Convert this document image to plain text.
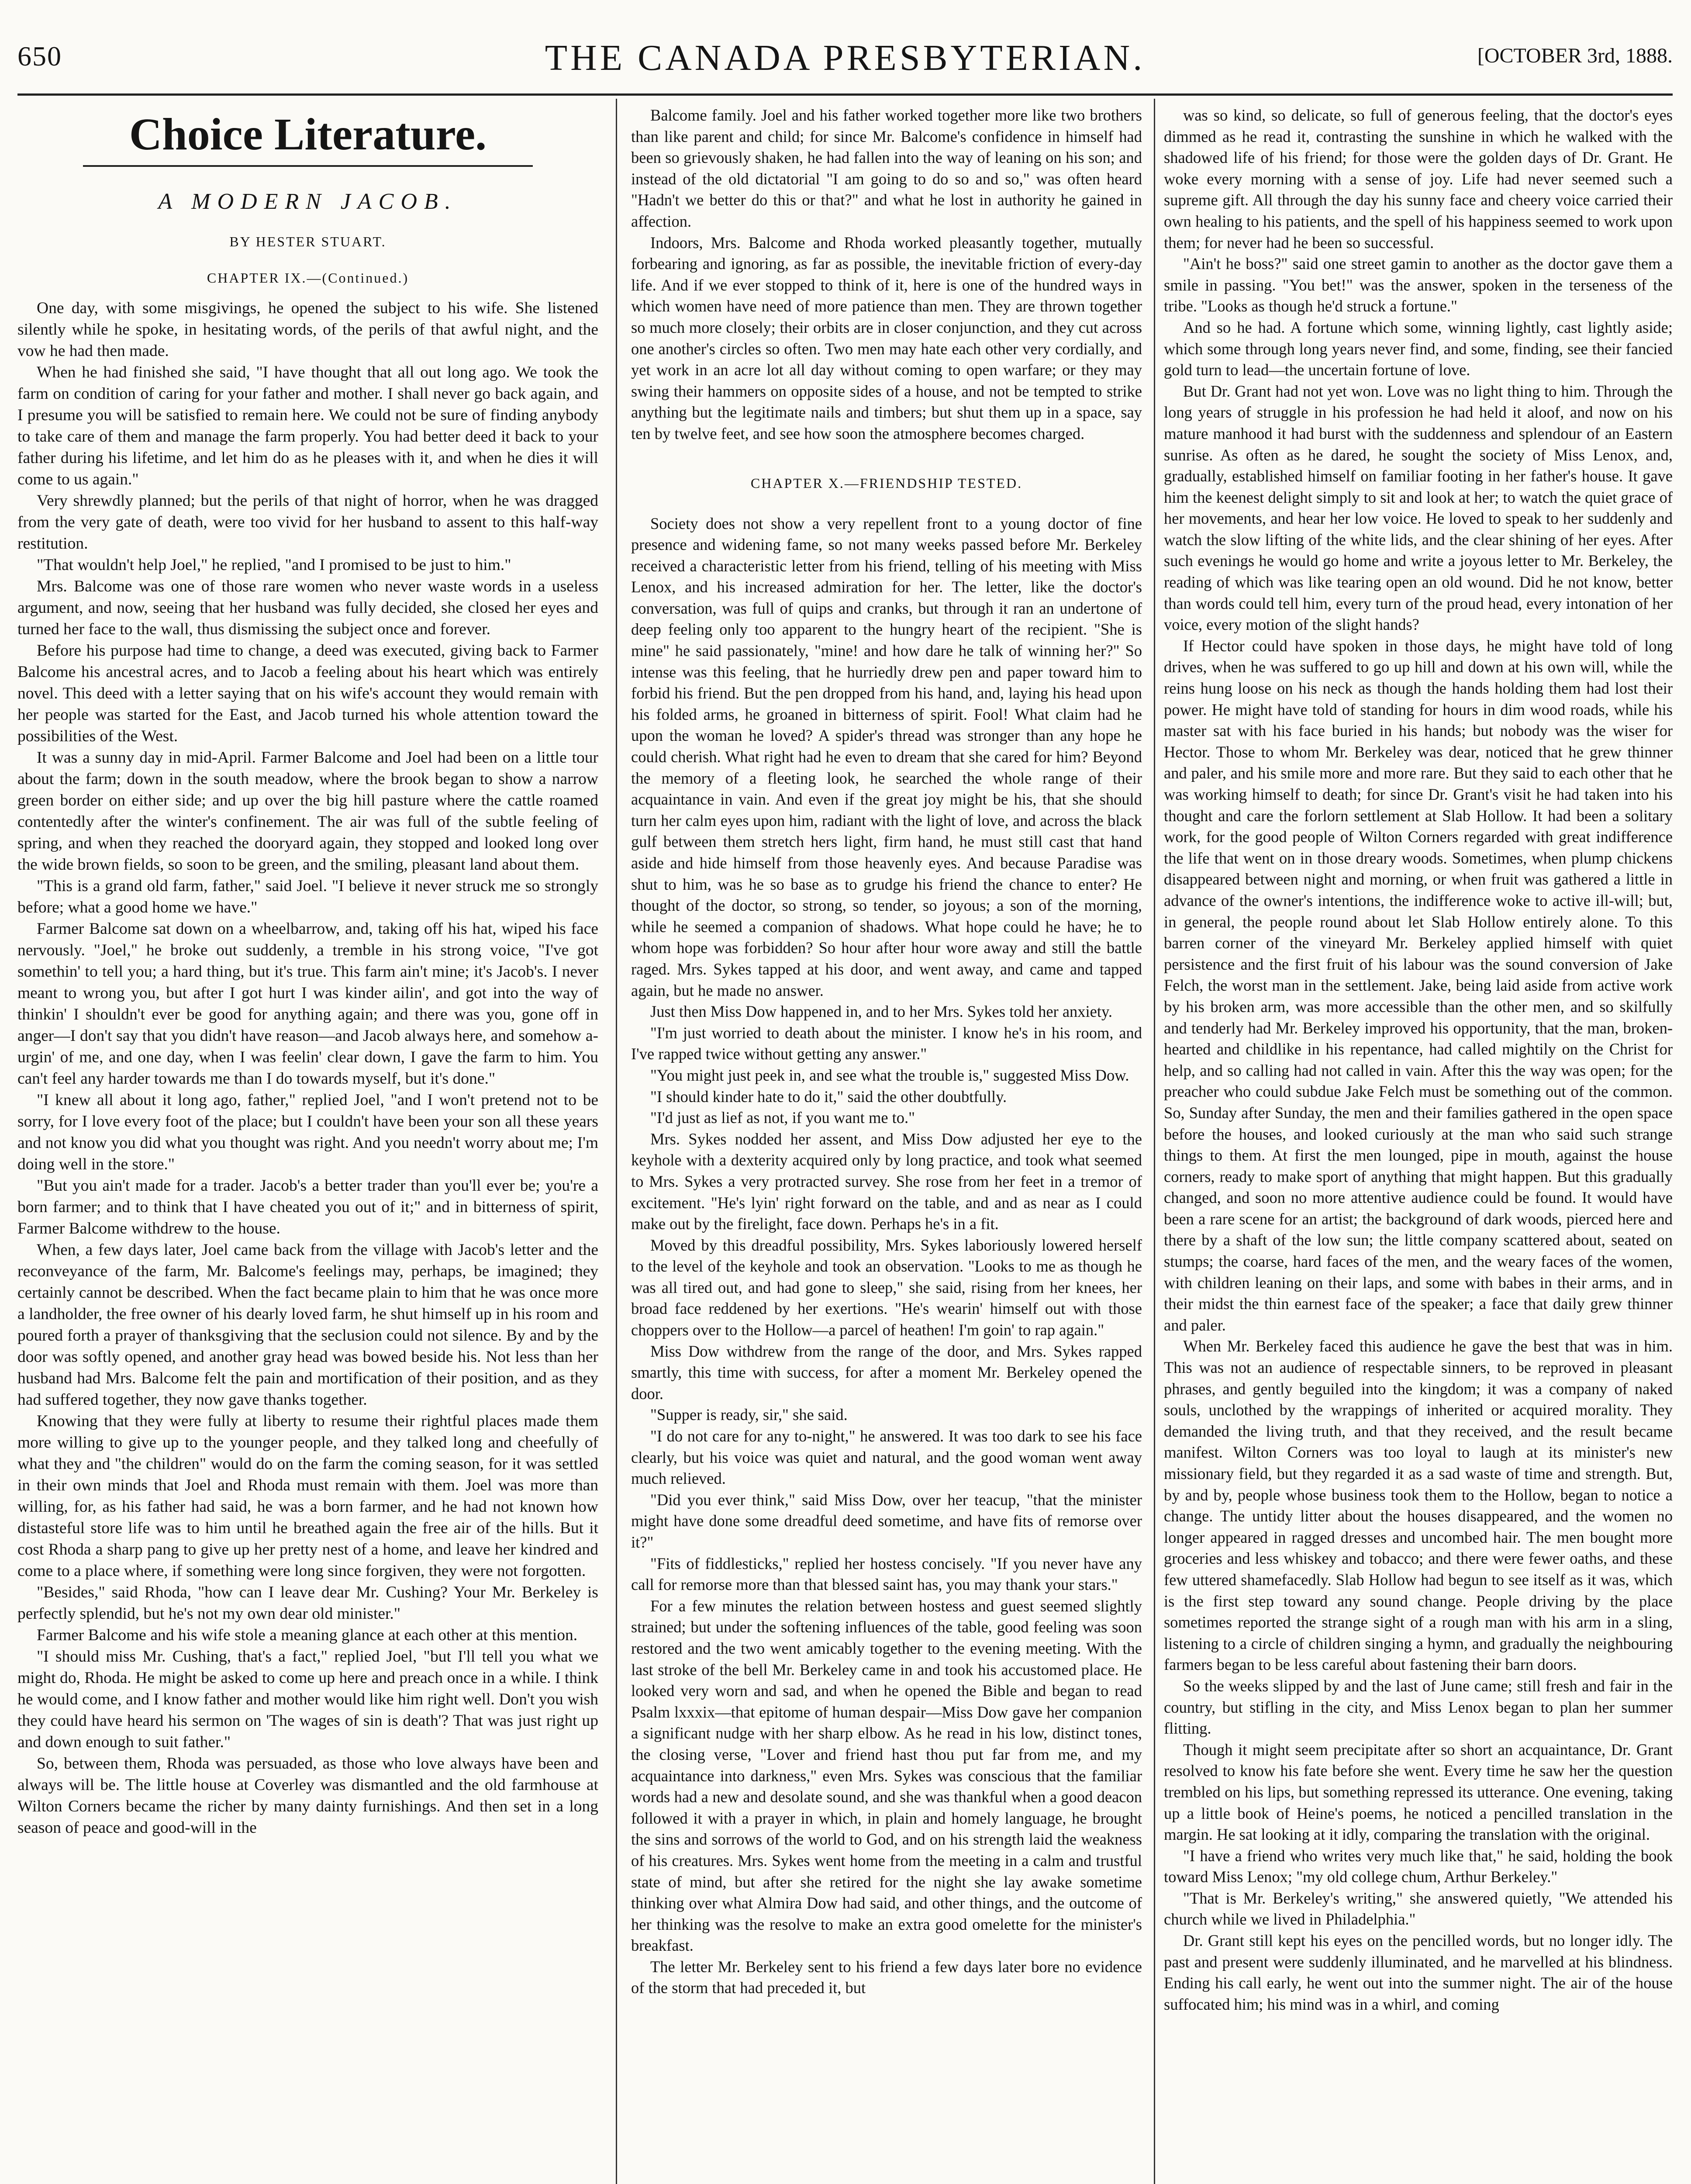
650	THE CANADA PRESBYTERIAN.	[OCTOBER 3rd, 1888.
Choice Literature.
A MODERN JACOB.
BY HESTER STUART.
CHAPTER IX.—(Continued.)

One day, with some misgivings, he opened the subject to his wife. She listened silently while he spoke, in hesitating words, of the perils of that awful night, and the vow he had then made.

When he had finished she said, "I have thought that all out long ago. We took the farm on condition of caring for your father and mother. I shall never go back again, and I presume you will be satisfied to remain here. We could not be sure of finding anybody to take care of them and manage the farm properly. You had better deed it back to your father during his lifetime, and let him do as he pleases with it, and when he dies it will come to us again."

Very shrewdly planned; but the perils of that night of horror, when he was dragged from the very gate of death, were too vivid for her husband to assent to this half-way restitution.

"That wouldn't help Joel," he replied, "and I promised to be just to him."

Mrs. Balcome was one of those rare women who never waste words in a useless argument, and now, seeing that her husband was fully decided, she closed her eyes and turned her face to the wall, thus dismissing the subject once and forever.

Before his purpose had time to change, a deed was executed, giving back to Farmer Balcome his ancestral acres, and to Jacob a feeling about his heart which was entirely novel. This deed with a letter saying that on his wife's account they would remain with her people was started for the East, and Jacob turned his whole attention toward the possibilities of the West.

It was a sunny day in mid-April. Farmer Balcome and Joel had been on a little tour about the farm; down in the south meadow, where the brook began to show a narrow green border on either side; and up over the big hill pasture where the cattle roamed contentedly after the winter's confinement. The air was full of the subtle feeling of spring, and when they reached the dooryard again, they stopped and looked long over the wide brown fields, so soon to be green, and the smiling, pleasant land about them.

"This is a grand old farm, father," said Joel. "I believe it never struck me so strongly before; what a good home we have."

Farmer Balcome sat down on a wheelbarrow, and, taking off his hat, wiped his face nervously. "Joel," he broke out suddenly, a tremble in his strong voice, "I've got somethin' to tell you; a hard thing, but it's true. This farm ain't mine; it's Jacob's. I never meant to wrong you, but after I got hurt I was kinder ailin', and got into the way of thinkin' I shouldn't ever be good for anything again; and there was you, gone off in anger—I don't say that you didn't have reason—and Jacob always here, and somehow a-urgin' of me, and one day, when I was feelin' clear down, I gave the farm to him. You can't feel any harder towards me than I do towards myself, but it's done."

"I knew all about it long ago, father," replied Joel, "and I won't pretend not to be sorry, for I love every foot of the place; but I couldn't have been your son all these years and not know you did what you thought was right. And you needn't worry about me; I'm doing well in the store."

"But you ain't made for a trader. Jacob's a better trader than you'll ever be; you're a born farmer; and to think that I have cheated you out of it;" and in bitterness of spirit, Farmer Balcome withdrew to the house.

When, a few days later, Joel came back from the village with Jacob's letter and the reconveyance of the farm, Mr. Balcome's feelings may, perhaps, be imagined; they certainly cannot be described. When the fact became plain to him that he was once more a landholder, the free owner of his dearly loved farm, he shut himself up in his room and poured forth a prayer of thanksgiving that the seclusion could not silence. By and by the door was softly opened, and another gray head was bowed beside his. Not less than her husband had Mrs. Balcome felt the pain and mortification of their position, and as they had suffered together, they now gave thanks together.

Knowing that they were fully at liberty to resume their rightful places made them more willing to give up to the younger people, and they talked long and cheefully of what they and "the children" would do on the farm the coming season, for it was settled in their own minds that Joel and Rhoda must remain with them. Joel was more than willing, for, as his father had said, he was a born farmer, and he had not known how distasteful store life was to him until he breathed again the free air of the hills. But it cost Rhoda a sharp pang to give up her pretty nest of a home, and leave her kindred and come to a place where, if something were long since forgiven, they were not forgotten.

"Besides," said Rhoda, "how can I leave dear Mr. Cushing? Your Mr. Berkeley is perfectly splendid, but he's not my own dear old minister."

Farmer Balcome and his wife stole a meaning glance at each other at this mention.

"I should miss Mr. Cushing, that's a fact," replied Joel, "but I'll tell you what we might do, Rhoda. He might be asked to come up here and preach once in a while. I think he would come, and I know father and mother would like him right well. Don't you wish they could have heard his sermon on 'The wages of sin is death'? That was just right up and down enough to suit father."

So, between them, Rhoda was persuaded, as those who love always have been and always will be. The little house at Coverley was dismantled and the old farmhouse at Wilton Corners became the richer by many dainty furnishings. And then set in a long season of peace and good-will in the

Balcome family. Joel and his father worked together more like two brothers than like parent and child; for since Mr. Balcome's confidence in himself had been so grievously shaken, he had fallen into the way of leaning on his son; and instead of the old dictatorial "I am going to do so and so," was often heard "Hadn't we better do this or that?" and what he lost in authority he gained in affection.

Indoors, Mrs. Balcome and Rhoda worked pleasantly together, mutually forbearing and ignoring, as far as possible, the inevitable friction of every-day life. And if we ever stopped to think of it, here is one of the hundred ways in which women have need of more patience than men. They are thrown together so much more closely; their orbits are in closer conjunction, and they cut across one another's circles so often. Two men may hate each other very cordially, and yet work in an acre lot all day without coming to open warfare; or they may swing their hammers on opposite sides of a house, and not be tempted to strike anything but the legitimate nails and timbers; but shut them up in a space, say ten by twelve feet, and see how soon the atmosphere becomes charged.

CHAPTER X.—FRIENDSHIP TESTED.

Society does not show a very repellent front to a young doctor of fine presence and widening fame, so not many weeks passed before Mr. Berkeley received a characteristic letter from his friend, telling of his meeting with Miss Lenox, and his increased admiration for her. The letter, like the doctor's conversation, was full of quips and cranks, but through it ran an undertone of deep feeling only too apparent to the hungry heart of the recipient. "She is mine" he said passionately, "mine! and how dare he talk of winning her?" So intense was this feeling, that he hurriedly drew pen and paper toward him to forbid his friend. But the pen dropped from his hand, and, laying his head upon his folded arms, he groaned in bitterness of spirit. Fool! What claim had he upon the woman he loved? A spider's thread was stronger than any hope he could cherish. What right had he even to dream that she cared for him? Beyond the memory of a fleeting look, he searched the whole range of their acquaintance in vain. And even if the great joy might be his, that she should turn her calm eyes upon him, radiant with the light of love, and across the black gulf between them stretch hers light, firm hand, he must still cast that hand aside and hide himself from those heavenly eyes. And because Paradise was shut to him, was he so base as to grudge his friend the chance to enter? He thought of the doctor, so strong, so tender, so joyous; a son of the morning, while he seemed a companion of shadows. What hope could he have; he to whom hope was forbidden? So hour after hour wore away and still the battle raged. Mrs. Sykes tapped at his door, and went away, and came and tapped again, but he made no answer.

Just then Miss Dow happened in, and to her Mrs. Sykes told her anxiety.

"I'm just worried to death about the minister. I know he's in his room, and I've rapped twice without getting any answer."

"You might just peek in, and see what the trouble is," suggested Miss Dow.

"I should kinder hate to do it," said the other doubtfully.

"I'd just as lief as not, if you want me to."

Mrs. Sykes nodded her assent, and Miss Dow adjusted her eye to the keyhole with a dexterity acquired only by long practice, and took what seemed to Mrs. Sykes a very protracted survey. She rose from her feet in a tremor of excitement. "He's lyin' right forward on the table, and and as near as I could make out by the firelight, face down. Perhaps he's in a fit.

Moved by this dreadful possibility, Mrs. Sykes laboriously lowered herself to the level of the keyhole and took an observation. "Looks to me as though he was all tired out, and had gone to sleep," she said, rising from her knees, her broad face reddened by her exertions. "He's wearin' himself out with those choppers over to the Hollow—a parcel of heathen! I'm goin' to rap again."

Miss Dow withdrew from the range of the door, and Mrs. Sykes rapped smartly, this time with success, for after a moment Mr. Berkeley opened the door.

"Supper is ready, sir," she said.

"I do not care for any to-night," he answered. It was too dark to see his face clearly, but his voice was quiet and natural, and the good woman went away much relieved.

"Did you ever think," said Miss Dow, over her teacup, "that the minister might have done some dreadful deed sometime, and have fits of remorse over it?"

"Fits of fiddlesticks," replied her hostess concisely. "If you never have any call for remorse more than that blessed saint has, you may thank your stars."

For a few minutes the relation between hostess and guest seemed slightly strained; but under the softening influences of the table, good feeling was soon restored and the two went amicably together to the evening meeting. With the last stroke of the bell Mr. Berkeley came in and took his accustomed place. He looked very worn and sad, and when he opened the Bible and began to read Psalm lxxxix—that epitome of human despair—Miss Dow gave her companion a significant nudge with her sharp elbow. As he read in his low, distinct tones, the closing verse, "Lover and friend hast thou put far from me, and my acquaintance into darkness," even Mrs. Sykes was conscious that the familiar words had a new and desolate sound, and she was thankful when a good deacon followed it with a prayer in which, in plain and homely language, he brought the sins and sorrows of the world to God, and on his strength laid the weakness of his creatures. Mrs. Sykes went home from the meeting in a calm and trustful state of mind, but after she retired for the night she lay awake sometime thinking over what Almira Dow had said, and other things, and the outcome of her thinking was the resolve to make an extra good omelette for the minister's breakfast.

The letter Mr. Berkeley sent to his friend a few days later bore no evidence of the storm that had preceded it, but

was so kind, so delicate, so full of generous feeling, that the doctor's eyes dimmed as he read it, contrasting the sunshine in which he walked with the shadowed life of his friend; for those were the golden days of Dr. Grant. He woke every morning with a sense of joy. Life had never seemed such a supreme gift. All through the day his sunny face and cheery voice carried their own healing to his patients, and the spell of his happiness seemed to work upon them; for never had he been so successful.

"Ain't he boss?" said one street gamin to another as the doctor gave them a smile in passing. "You bet!" was the answer, spoken in the terseness of the tribe. "Looks as though he'd struck a fortune."

And so he had. A fortune which some, winning lightly, cast lightly aside; which some through long years never find, and some, finding, see their fancied gold turn to lead—the uncertain fortune of love.

But Dr. Grant had not yet won. Love was no light thing to him. Through the long years of struggle in his profession he had held it aloof, and now on his mature manhood it had burst with the suddenness and splendour of an Eastern sunrise. As often as he dared, he sought the society of Miss Lenox, and, gradually, established himself on familiar footing in her father's house. It gave him the keenest delight simply to sit and look at her; to watch the quiet grace of her movements, and hear her low voice. He loved to speak to her suddenly and watch the slow lifting of the white lids, and the clear shining of her eyes. After such evenings he would go home and write a joyous letter to Mr. Berkeley, the reading of which was like tearing open an old wound. Did he not know, better than words could tell him, every turn of the proud head, every intonation of her voice, every motion of the slight hands?

If Hector could have spoken in those days, he might have told of long drives, when he was suffered to go up hill and down at his own will, while the reins hung loose on his neck as though the hands holding them had lost their power. He might have told of standing for hours in dim wood roads, while his master sat with his face buried in his hands; but nobody was the wiser for Hector. Those to whom Mr. Berkeley was dear, noticed that he grew thinner and paler, and his smile more and more rare. But they said to each other that he was working himself to death; for since Dr. Grant's visit he had taken into his thought and care the forlorn settlement at Slab Hollow. It had been a solitary work, for the good people of Wilton Corners regarded with great indifference the life that went on in those dreary woods. Sometimes, when plump chickens disappeared between night and morning, or when fruit was gathered a little in advance of the owner's intentions, the indifference woke to active ill-will; but, in general, the people round about let Slab Hollow entirely alone. To this barren corner of the vineyard Mr. Berkeley applied himself with quiet persistence and the first fruit of his labour was the sound conversion of Jake Felch, the worst man in the settlement. Jake, being laid aside from active work by his broken arm, was more accessible than the other men, and so skilfully and tenderly had Mr. Berkeley improved his opportunity, that the man, broken-hearted and childlike in his repentance, had called mightily on the Christ for help, and so calling had not called in vain. After this the way was open; for the preacher who could subdue Jake Felch must be something out of the common. So, Sunday after Sunday, the men and their families gathered in the open space before the houses, and looked curiously at the man who said such strange things to them. At first the men lounged, pipe in mouth, against the house corners, ready to make sport of anything that might happen. But this gradually changed, and soon no more attentive audience could be found. It would have been a rare scene for an artist; the background of dark woods, pierced here and there by a shaft of the low sun; the little company scattered about, seated on stumps; the coarse, hard faces of the men, and the weary faces of the women, with children leaning on their laps, and some with babes in their arms, and in their midst the thin earnest face of the speaker; a face that daily grew thinner and paler.

When Mr. Berkeley faced this audience he gave the best that was in him. This was not an audience of respectable sinners, to be reproved in pleasant phrases, and gently beguiled into the kingdom; it was a company of naked souls, unclothed by the wrappings of inherited or acquired morality. They demanded the living truth, and that they received, and the result became manifest. Wilton Corners was too loyal to laugh at its minister's new missionary field, but they regarded it as a sad waste of time and strength. But, by and by, people whose business took them to the Hollow, began to notice a change. The untidy litter about the houses disappeared, and the women no longer appeared in ragged dresses and uncombed hair. The men bought more groceries and less whiskey and tobacco; and there were fewer oaths, and these few uttered shamefacedly. Slab Hollow had begun to see itself as it was, which is the first step toward any sound change. People driving by the place sometimes reported the strange sight of a rough man with his arm in a sling, listening to a circle of children singing a hymn, and gradually the neighbouring farmers began to be less careful about fastening their barn doors.

So the weeks slipped by and the last of June came; still fresh and fair in the country, but stifling in the city, and Miss Lenox began to plan her summer flitting.

Though it might seem precipitate after so short an acquaintance, Dr. Grant resolved to know his fate before she went. Every time he saw her the question trembled on his lips, but something repressed its utterance. One evening, taking up a little book of Heine's poems, he noticed a pencilled translation in the margin. He sat looking at it idly, comparing the translation with the original.

"I have a friend who writes very much like that," he said, holding the book toward Miss Lenox; "my old college chum, Arthur Berkeley."

"That is Mr. Berkeley's writing," she answered quietly, "We attended his church while we lived in Philadelphia."

Dr. Grant still kept his eyes on the pencilled words, but no longer idly. The past and present were suddenly illuminated, and he marvelled at his blindness. Ending his call early, he went out into the summer night. The air of the house suffocated him; his mind was in a whirl, and coming
